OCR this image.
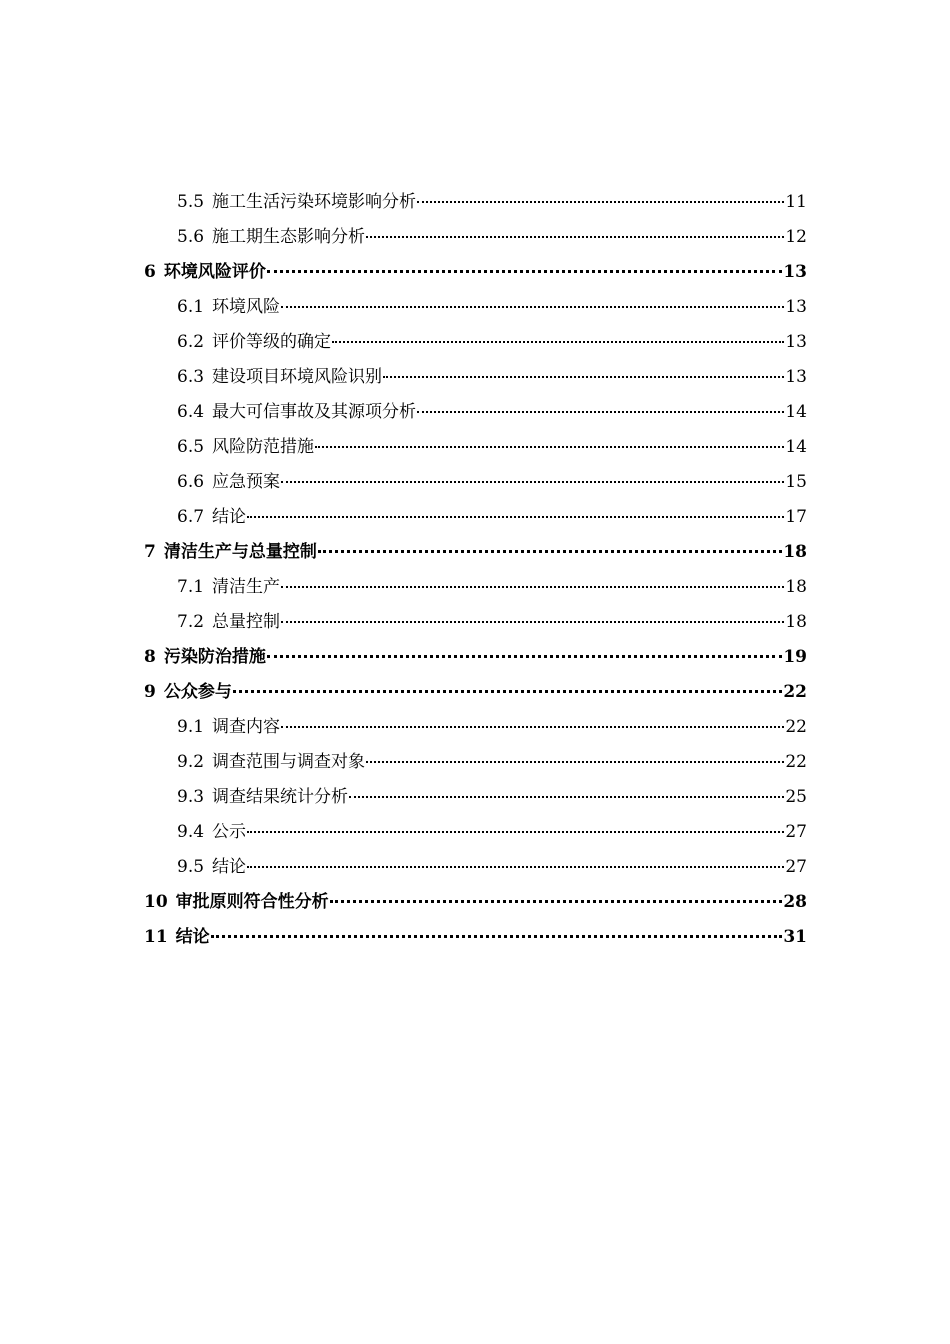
5.5 施工生活污染环境影响分析	11
5.6 施工期生态影响分析	12
6 环境风险评价	13
6.1 环境风险	13
6.2 评价等级的确定	13
6.3 建设项目环境风险识别	13
6.4 最大可信事故及其源项分析	14
6.5 风险防范措施	14
6.6 应急预案	15
6.7 结论	17
7 清洁生产与总量控制	18
7.1 清洁生产	18
7.2 总量控制	18
8 污染防治措施	19
9 公众参与	22
9.1 调查内容	22
9.2 调查范围与调查对象	22
9.3 调查结果统计分析	25
9.4 公示	27
9.5 结论	27
10 审批原则符合性分析	28
11 结论	31
